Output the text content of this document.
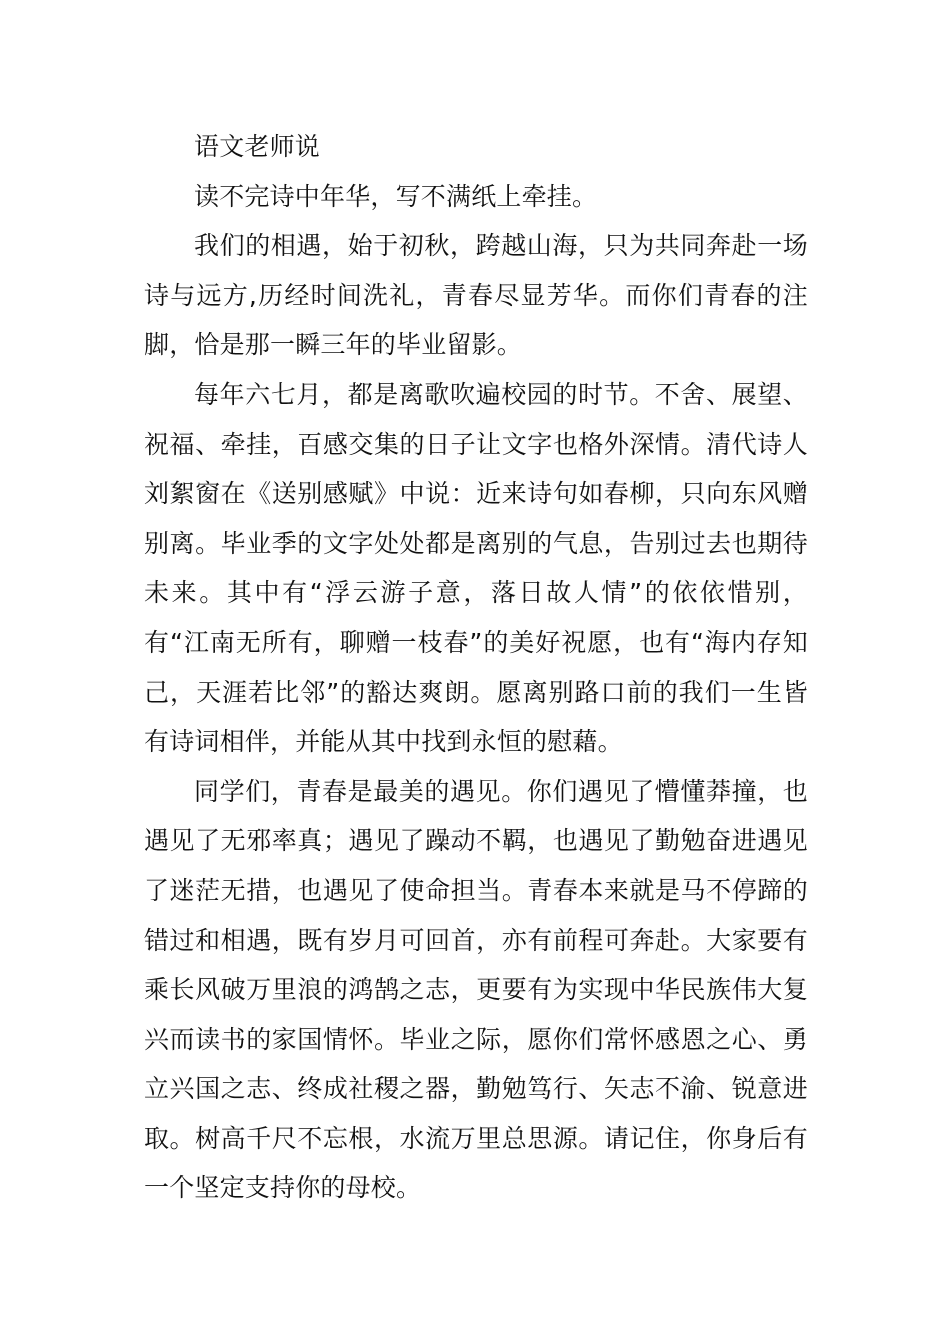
语文老师说

读不完诗中年华，写不满纸上牵挂。

我们的相遇，始于初秋，跨越山海，只为共同奔赴一场诗与远方,历经时间洗礼，青春尽显芳华。而你们青春的注脚，恰是那一瞬三年的毕业留影。

每年六七月，都是离歌吹遍校园的时节。不舍、展望、祝福、牵挂，百感交集的日子让文字也格外深情。清代诗人刘絮窗在《送别感赋》中说：近来诗句如春柳，只向东风赠别离。毕业季的文字处处都是离别的气息，告别过去也期待未来。其中有“浮云游子意，落日故人情”的依依惜别，有“江南无所有，聊赠一枝春”的美好祝愿，也有“海内存知己，天涯若比邻”的豁达爽朗。愿离别路口前的我们一生皆有诗词相伴，并能从其中找到永恒的慰藉。

同学们，青春是最美的遇见。你们遇见了懵懂莽撞，也遇见了无邪率真；遇见了躁动不羁，也遇见了勤勉奋进遇见了迷茫无措，也遇见了使命担当。青春本来就是马不停蹄的错过和相遇，既有岁月可回首，亦有前程可奔赴。大家要有乘长风破万里浪的鸿鹄之志，更要有为实现中华民族伟大复兴而读书的家国情怀。毕业之际，愿你们常怀感恩之心、勇立兴国之志、终成社稷之器，勤勉笃行、矢志不渝、锐意进取。树高千尺不忘根，水流万里总思源。请记住，你身后有一个坚定支持你的母校。
